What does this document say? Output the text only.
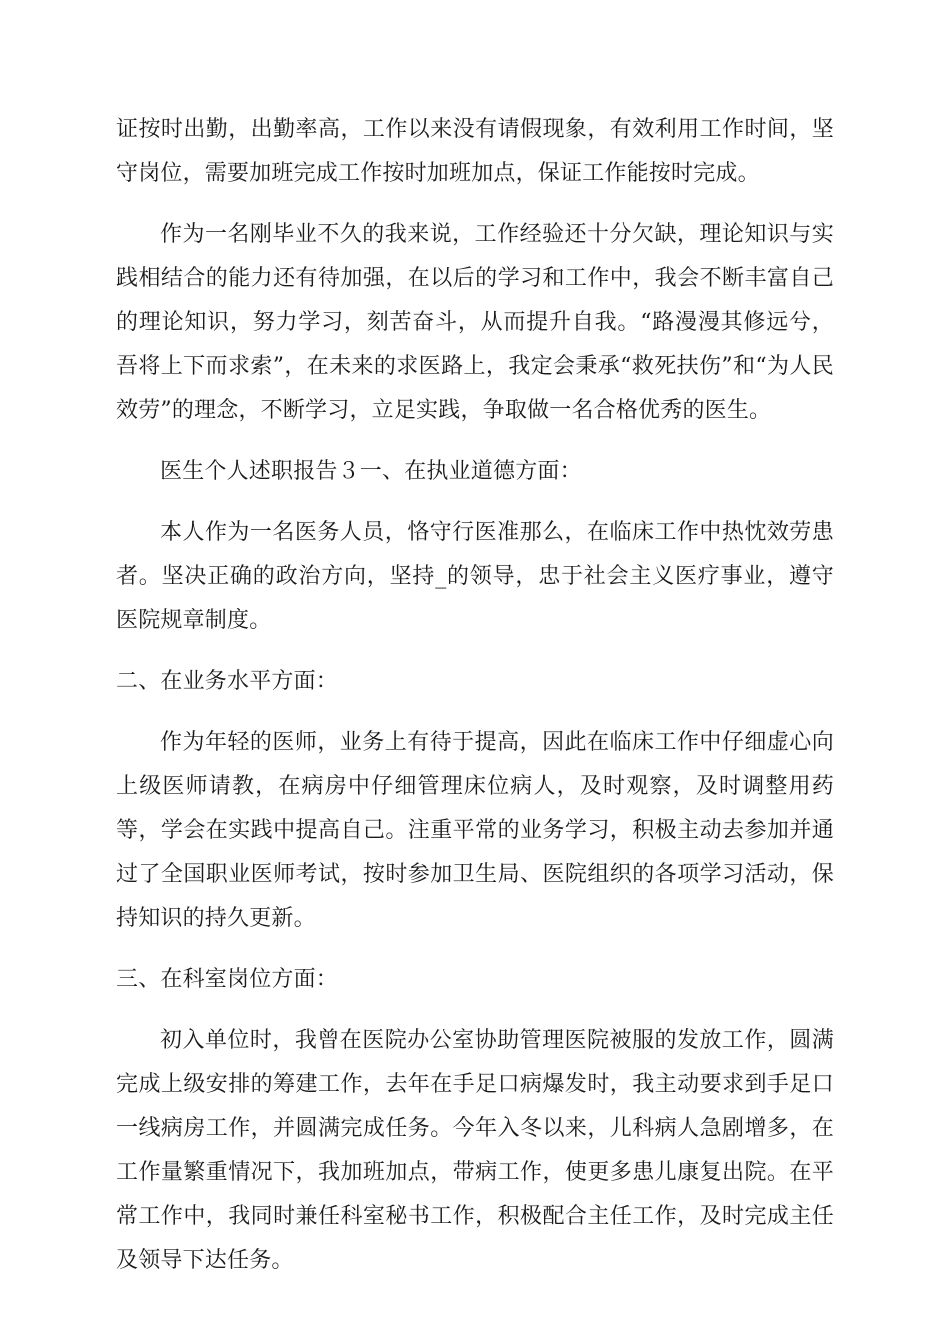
证按时出勤，出勤率高，工作以来没有请假现象，有效利用工作时间，坚守岗位，需要加班完成工作按时加班加点，保证工作能按时完成。

作为一名刚毕业不久的我来说，工作经验还十分欠缺，理论知识与实践相结合的能力还有待加强，在以后的学习和工作中，我会不断丰富自己的理论知识，努力学习，刻苦奋斗，从而提升自我。“路漫漫其修远兮，吾将上下而求索”，在未来的求医路上，我定会秉承“救死扶伤”和“为人民效劳”的理念，不断学习，立足实践，争取做一名合格优秀的医生。

医生个人述职报告３一、在执业道德方面：

本人作为一名医务人员，恪守行医准那么，在临床工作中热忱效劳患者。坚决正确的政治方向，坚持_的领导，忠于社会主义医疗事业，遵守医院规章制度。

二、在业务水平方面：

作为年轻的医师，业务上有待于提高，因此在临床工作中仔细虚心向上级医师请教，在病房中仔细管理床位病人，及时观察，及时调整用药等，学会在实践中提高自己。注重平常的业务学习，积极主动去参加并通过了全国职业医师考试，按时参加卫生局、医院组织的各项学习活动，保持知识的持久更新。

三、在科室岗位方面：

初入单位时，我曾在医院办公室协助管理医院被服的发放工作，圆满完成上级安排的筹建工作，去年在手足口病爆发时，我主动要求到手足口一线病房工作，并圆满完成任务。今年入冬以来，儿科病人急剧增多，在工作量繁重情况下，我加班加点，带病工作，使更多患儿康复出院。在平常工作中，我同时兼任科室秘书工作，积极配合主任工作，及时完成主任及领导下达任务。
